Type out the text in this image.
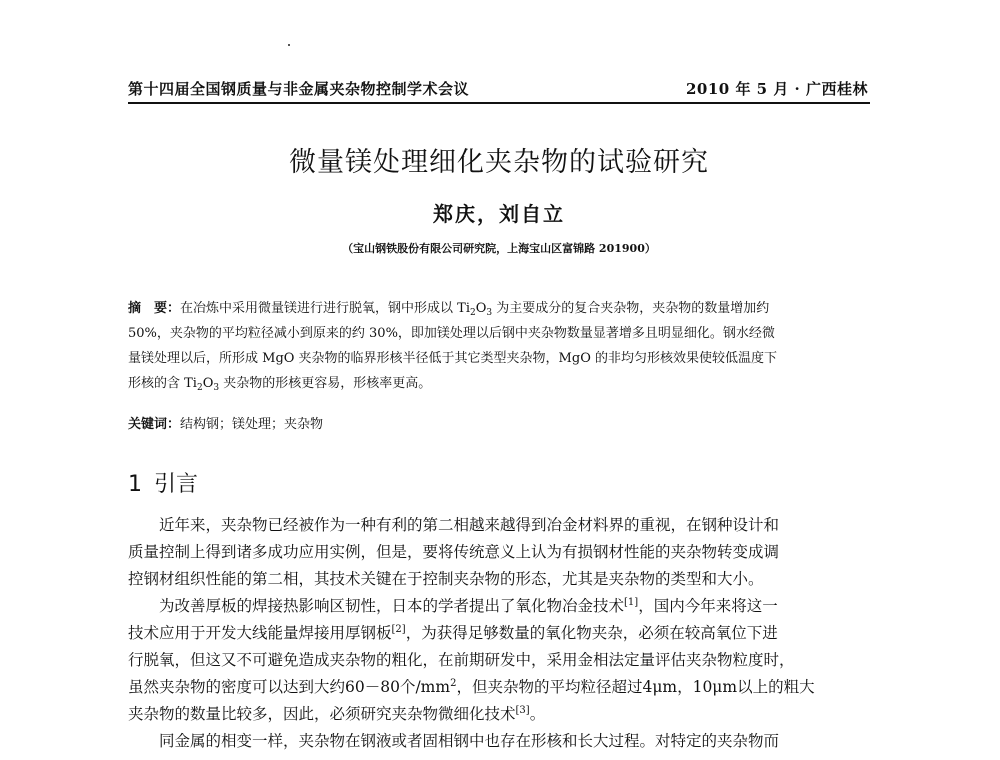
第十四届全国钢质量与非金属夹杂物控制学术会议	2010 年 5 月 · 广西桂林
微量镁处理细化夹杂物的试验研究
郑庆，刘自立
（宝山钢铁股份有限公司研究院，上海宝山区富锦路 201900）
摘　要：在冶炼中采用微量镁进行进行脱氧，钢中形成以 $Ti_2O_3$ 为主要成分的复合夹杂物，夹杂物的数量增加约
50%，夹杂物的平均粒径减小到原来的约 30%，即加镁处理以后钢中夹杂物数量显著增多且明显细化。钢水经微
量镁处理以后，所形成 MgO 夹杂物的临界形核半径低于其它类型夹杂物，MgO 的非均匀形核效果使较低温度下
形核的含 $Ti_2O_3$ 夹杂物的形核更容易，形核率更高。
关键词：结构钢；镁处理；夹杂物
1 引言
近年来，夹杂物已经被作为一种有利的第二相越来越得到冶金材料界的重视，在钢种设计和
质量控制上得到诸多成功应用实例，但是，要将传统意义上认为有损钢材性能的夹杂物转变成调
控钢材组织性能的第二相，其技术关键在于控制夹杂物的形态，尤其是夹杂物的类型和大小。
为改善厚板的焊接热影响区韧性，日本的学者提出了氧化物冶金技术[1]，国内今年来将这一
技术应用于开发大线能量焊接用厚钢板[2]，为获得足够数量的氧化物夹杂，必须在较高氧位下进
行脱氧，但这又不可避免造成夹杂物的粗化，在前期研发中，采用金相法定量评估夹杂物粒度时，
虽然夹杂物的密度可以达到大约60－80个$/mm^2$，但夹杂物的平均粒径超过4μm，10μm以上的粗大
夹杂物的数量比较多，因此，必须研究夹杂物微细化技术[3]。
同金属的相变一样，夹杂物在钢液或者固相钢中也存在形核和长大过程。对特定的夹杂物而
